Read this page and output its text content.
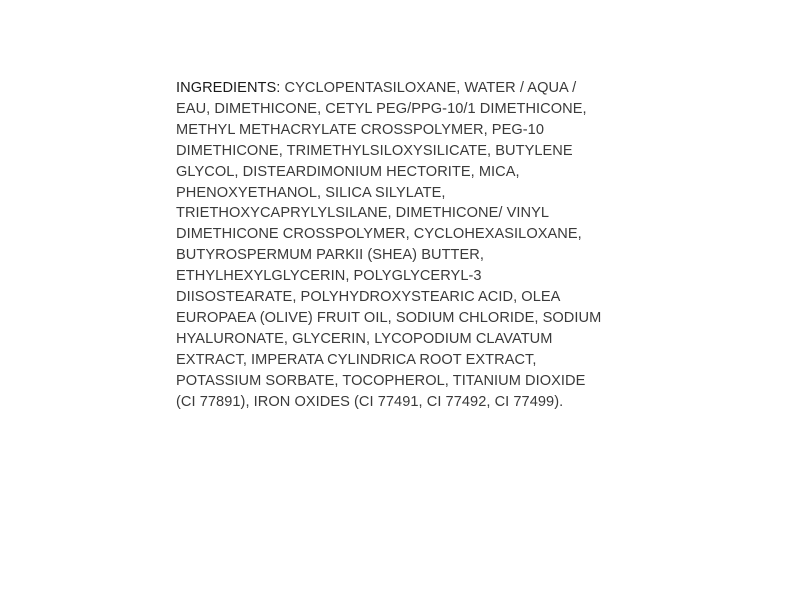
INGREDIENTS: CYCLOPENTASILOXANE, WATER / AQUA /
EAU, DIMETHICONE, CETYL PEG/PPG-10/1 DIMETHICONE,
METHYL METHACRYLATE CROSSPOLYMER, PEG-10
DIMETHICONE, TRIMETHYLSILOXYSILICATE, BUTYLENE
GLYCOL, DISTEARDIMONIUM HECTORITE, MICA,
PHENOXYETHANOL, SILICA SILYLATE,
TRIETHOXYCAPRYLYLSILANE, DIMETHICONE/ VINYL
DIMETHICONE CROSSPOLYMER, CYCLOHEXASILOXANE,
BUTYROSPERMUM PARKII (SHEA) BUTTER,
ETHYLHEXYLGLYCERIN, POLYGLYCERYL-3
DIISOSTEARATE, POLYHYDROXYSTEARIC ACID, OLEA
EUROPAEA (OLIVE) FRUIT OIL, SODIUM CHLORIDE, SODIUM
HYALURONATE, GLYCERIN, LYCOPODIUM CLAVATUM
EXTRACT, IMPERATA CYLINDRICA ROOT EXTRACT,
POTASSIUM SORBATE, TOCOPHEROL, TITANIUM DIOXIDE
(CI 77891), IRON OXIDES (CI 77491, CI 77492, CI 77499).
